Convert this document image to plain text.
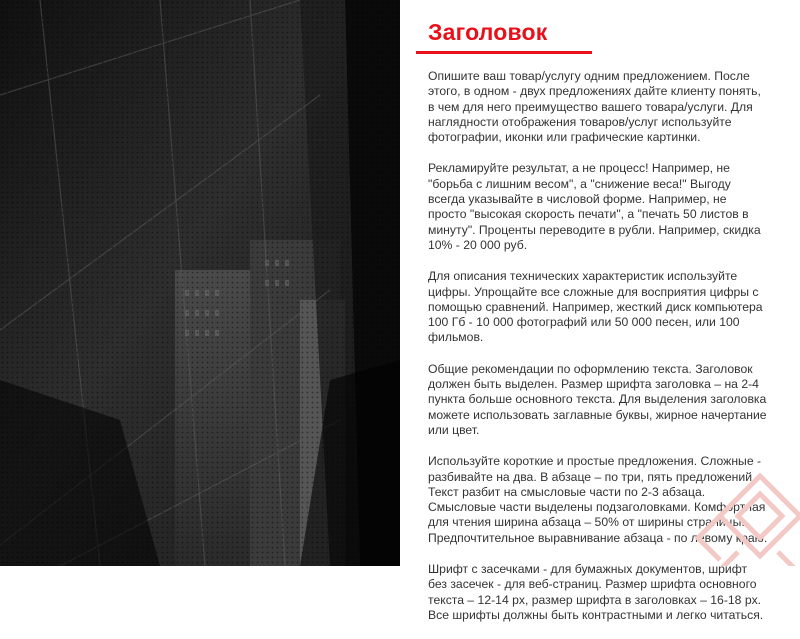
Заголовок

Опишите ваш товар/услугу одним предложением. После этого, в одном - двух предложениях дайте клиенту понять, в чем для него преимущество вашего товара/услуги. Для наглядности отображения товаров/услуг используйте фотографии, иконки или графические картинки.

Рекламируйте результат, а не процесс! Например, не "борьба с лишним весом", а "снижение веса!" Выгоду всегда указывайте в числовой форме. Например, не просто "высокая скорость печати", а "печать 50 листов в минуту". Проценты переводите в рубли. Например, скидка 10% - 20 000 руб.

Для описания технических характеристик используйте цифры. Упрощайте все сложные для восприятия цифры с помощью сравнений. Например, жесткий диск компьютера 100 Гб - 10 000 фотографий или 50 000 песен, или 100 фильмов.

Общие рекомендации по оформлению текста. Заголовок должен быть выделен. Размер шрифта заголовка – на 2-4 пункта больше основного текста. Для выделения заголовка можете использовать заглавные буквы, жирное начертание или цвет.

Используйте короткие и простые предложения. Сложные - разбивайте на два. В абзаце – по три, пять предложений. Текст разбит на смысловые части по 2-3 абзаца. Смысловые части выделены подзаголовками. Комфортная для чтения ширина абзаца – 50% от ширины страницы. Предпочтительное выравнивание абзаца - по левому краю.

Шрифт с засечками - для бумажных документов, шрифт без засечек - для веб-страниц. Размер шрифта основного текста – 12-14 px, размер шрифта в заголовках – 16-18 px. Все шрифты должны быть контрастными и легко читаться.
